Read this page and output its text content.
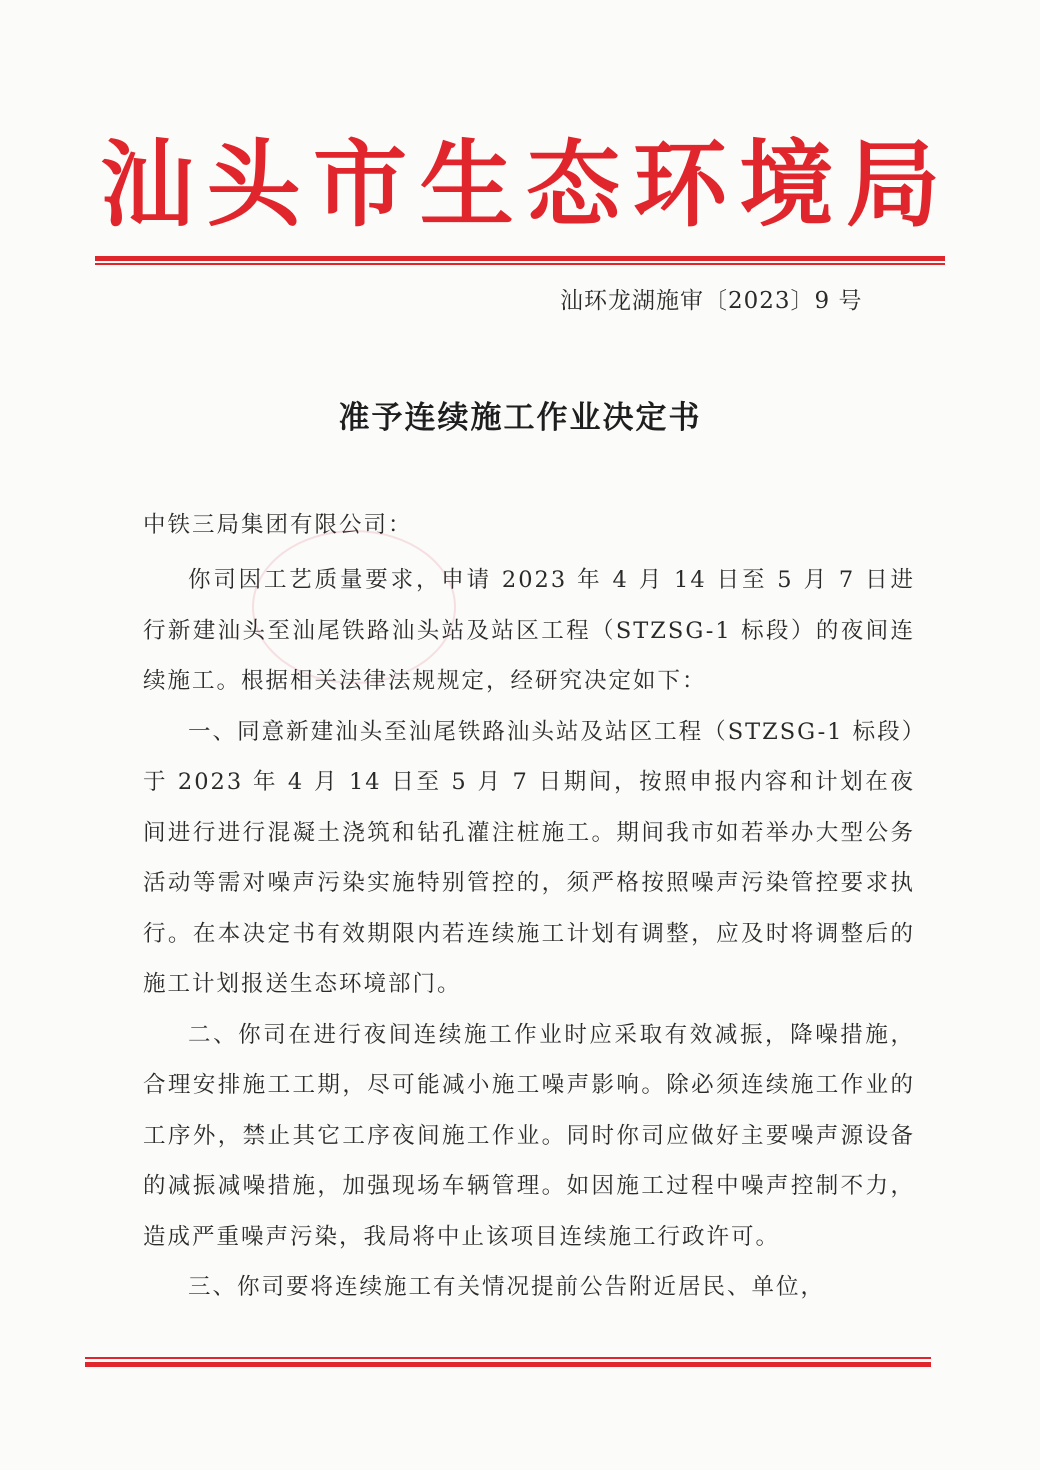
汕 头 市 生 态 环 境 局
汕环龙湖施审〔2023〕9 号
准予连续施工作业决定书
中铁三局集团有限公司：

你司因工艺质量要求，申请 2023 年 4 月 14 日至 5 月 7 日进行新建汕头至汕尾铁路汕头站及站区工程（STZSG-1 标段）的夜间连续施工。根据相关法律法规规定，经研究决定如下：

一、同意新建汕头至汕尾铁路汕头站及站区工程（STZSG-1 标段）于 2023 年 4 月 14 日至 5 月 7 日期间，按照申报内容和计划在夜间进行进行混凝土浇筑和钻孔灌注桩施工。期间我市如若举办大型公务活动等需对噪声污染实施特别管控的，须严格按照噪声污染管控要求执行。在本决定书有效期限内若连续施工计划有调整，应及时将调整后的施工计划报送生态环境部门。

二、你司在进行夜间连续施工作业时应采取有效减振，降噪措施，合理安排施工工期，尽可能减小施工噪声影响。除必须连续施工作业的工序外，禁止其它工序夜间施工作业。同时你司应做好主要噪声源设备的减振减噪措施，加强现场车辆管理。如因施工过程中噪声控制不力，造成严重噪声污染，我局将中止该项目连续施工行政许可。

三、你司要将连续施工有关情况提前公告附近居民、单位，
